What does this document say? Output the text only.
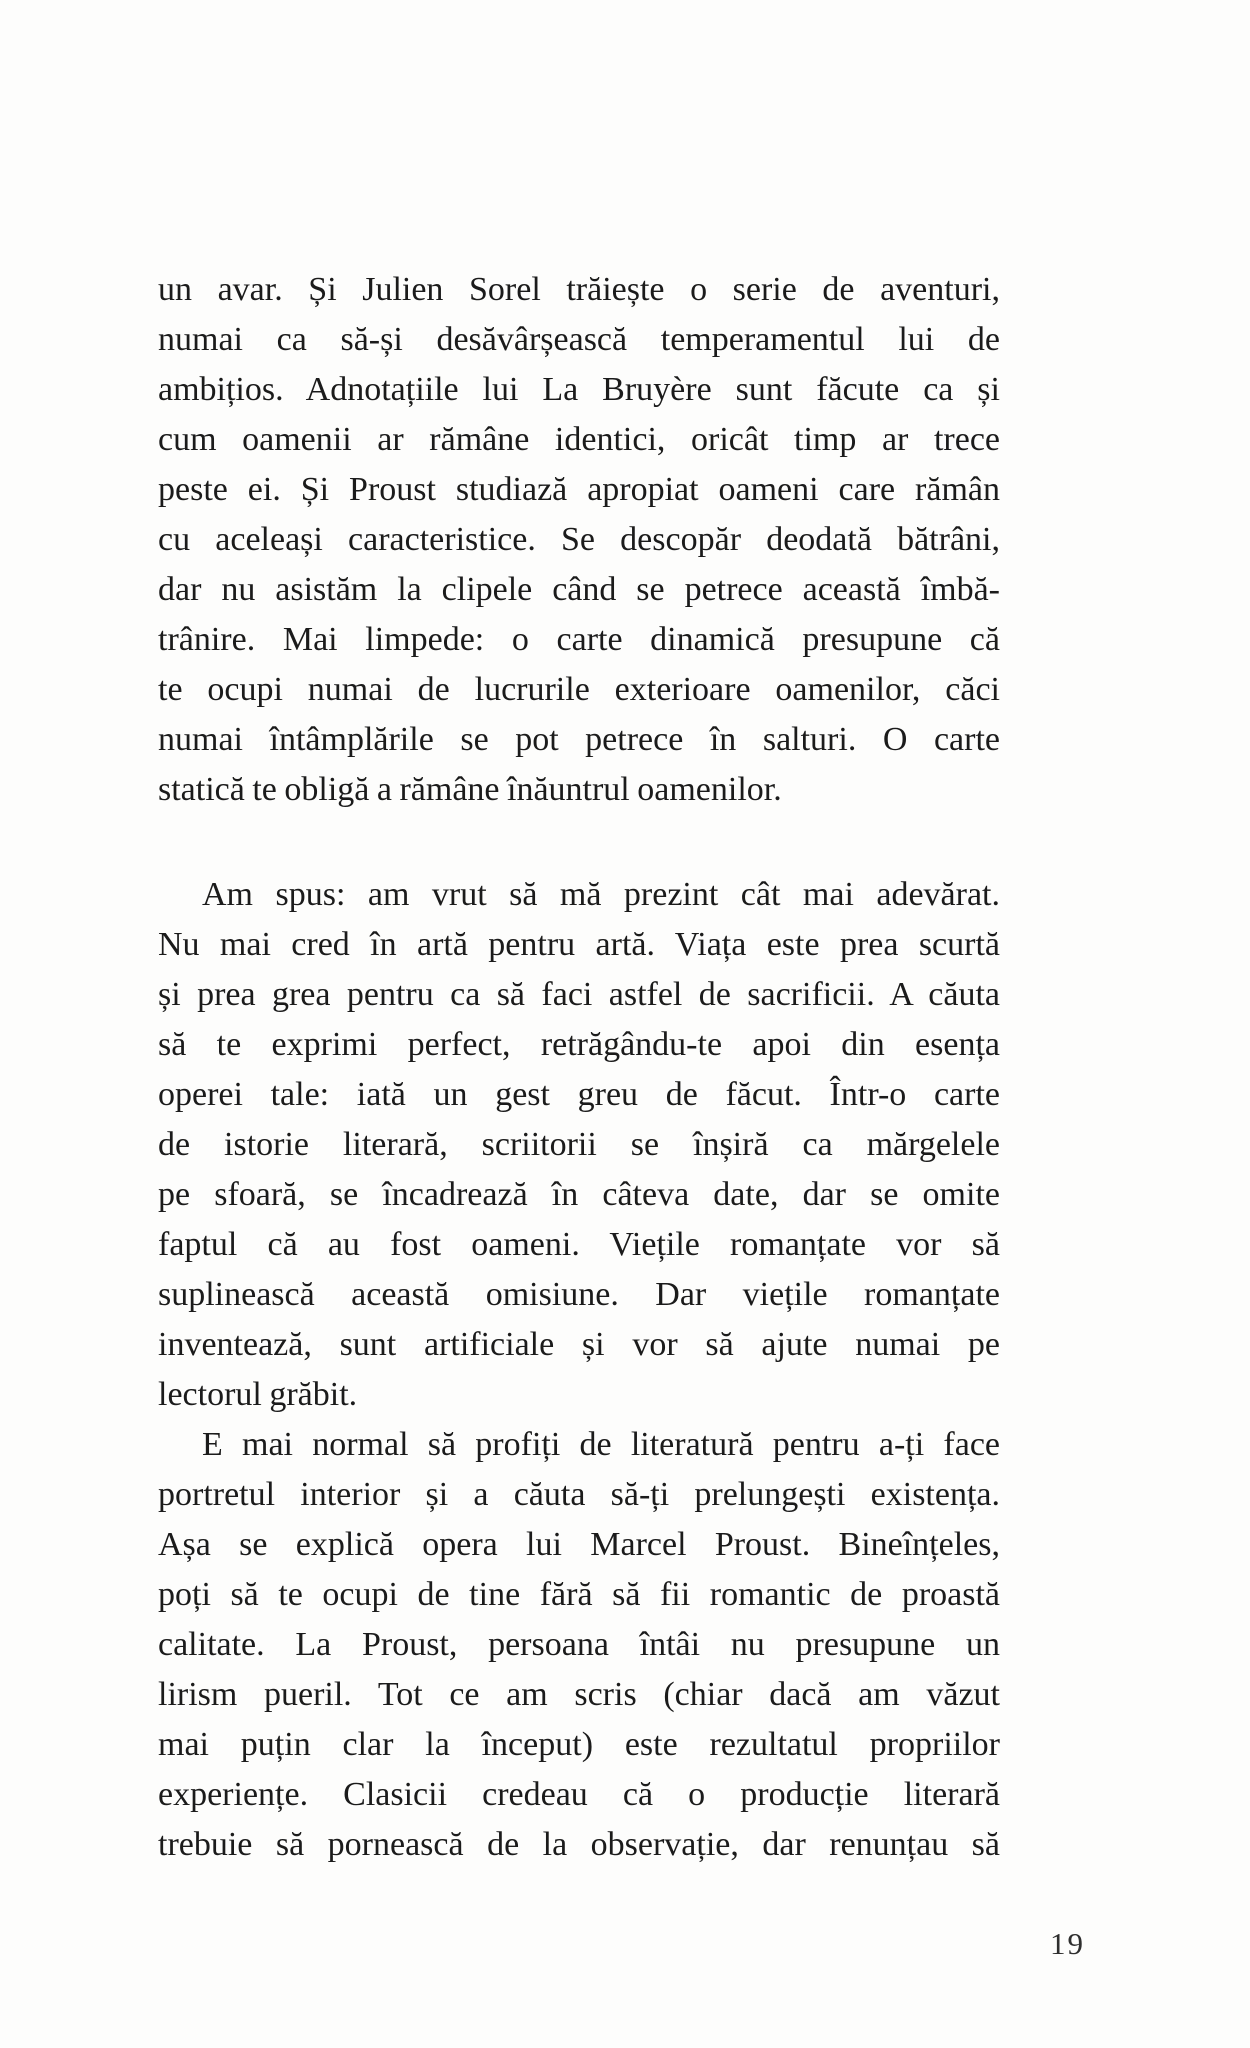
un avar. Și Julien Sorel trăiește o serie de aventuri,

numai ca să-și desăvârșească temperamentul lui de

ambițios. Adnotațiile lui La Bruyère sunt făcute ca și

cum oamenii ar rămâne identici, oricât timp ar trece

peste ei. Și Proust studiază apropiat oameni care rămân

cu aceleași caracteristice. Se descopăr deodată bătrâni,

dar nu asistăm la clipele când se petrece această îmbă-

trânire. Mai limpede: o carte dinamică presupune că

te ocupi numai de lucrurile exterioare oamenilor, căci

numai întâmplările se pot petrece în salturi. O carte

statică te obligă a rămâne înăuntrul oamenilor.

Am spus: am vrut să mă prezint cât mai adevărat.

Nu mai cred în artă pentru artă. Viața este prea scurtă

și prea grea pentru ca să faci astfel de sacrificii. A căuta

să te exprimi perfect, retrăgându-te apoi din esența

operei tale: iată un gest greu de făcut. Într-o carte

de istorie literară, scriitorii se înșiră ca mărgelele

pe sfoară, se încadrează în câteva date, dar se omite

faptul că au fost oameni. Viețile romanțate vor să

suplinească această omisiune. Dar viețile romanțate

inventează, sunt artificiale și vor să ajute numai pe

lectorul grăbit.

E mai normal să profiți de literatură pentru a-ți face

portretul interior și a căuta să-ți prelungești existența.

Așa se explică opera lui Marcel Proust. Bineînțeles,

poți să te ocupi de tine fără să fii romantic de proastă

calitate. La Proust, persoana întâi nu presupune un

lirism pueril. Tot ce am scris (chiar dacă am văzut

mai puțin clar la început) este rezultatul propriilor

experiențe. Clasicii credeau că o producție literară

trebuie să pornească de la observație, dar renunțau să

19
